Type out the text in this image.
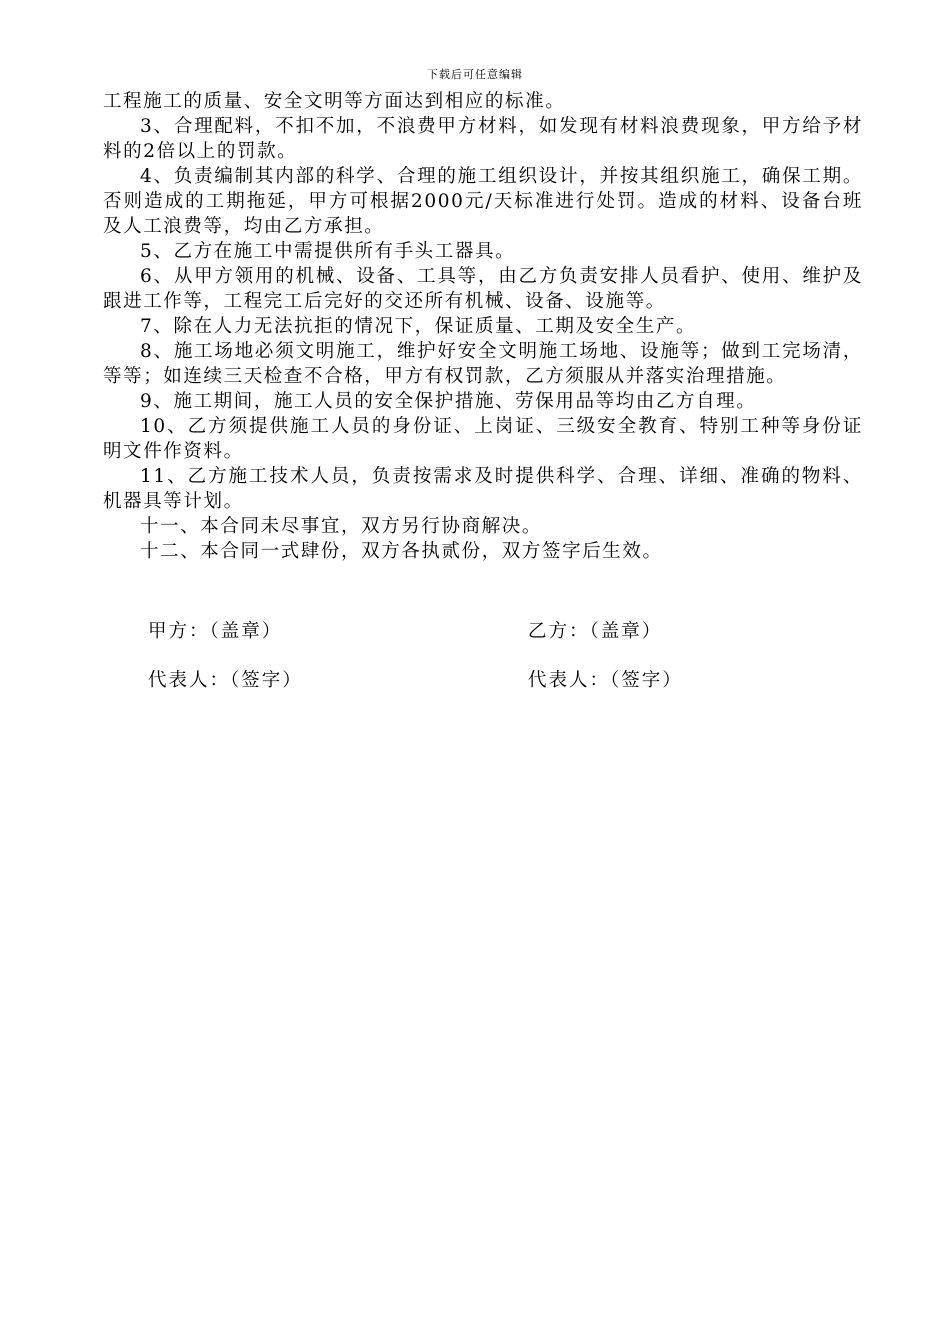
下载后可任意编辑

工程施工的质量、安全文明等方面达到相应的标准。

3、合理配料，不扣不加，不浪费甲方材料，如发现有材料浪费现象，甲方给予材料的2倍以上的罚款。

4、负责编制其内部的科学、合理的施工组织设计，并按其组织施工，确保工期。否则造成的工期拖延，甲方可根据2000元/天标准进行处罚。造成的材料、设备台班及人工浪费等，均由乙方承担。

5、乙方在施工中需提供所有手头工器具。

6、从甲方领用的机械、设备、工具等，由乙方负责安排人员看护、使用、维护及跟进工作等，工程完工后完好的交还所有机械、设备、设施等。

7、除在人力无法抗拒的情况下，保证质量、工期及安全生产。

8、施工场地必须文明施工，维护好安全文明施工场地、设施等；做到工完场清，等等；如连续三天检查不合格，甲方有权罚款，乙方须服从并落实治理措施。

9、施工期间，施工人员的安全保护措施、劳保用品等均由乙方自理。

10、乙方须提供施工人员的身份证、上岗证、三级安全教育、特别工种等身份证明文件作资料。

11、乙方施工技术人员，负责按需求及时提供科学、合理、详细、准确的物料、机器具等计划。

十一、本合同未尽事宜，双方另行协商解决。

十二、本合同一式肆份，双方各执贰份，双方签字后生效。

甲方：（盖章）	乙方：（盖章）
代表人：（签字）	代表人：（签字）
